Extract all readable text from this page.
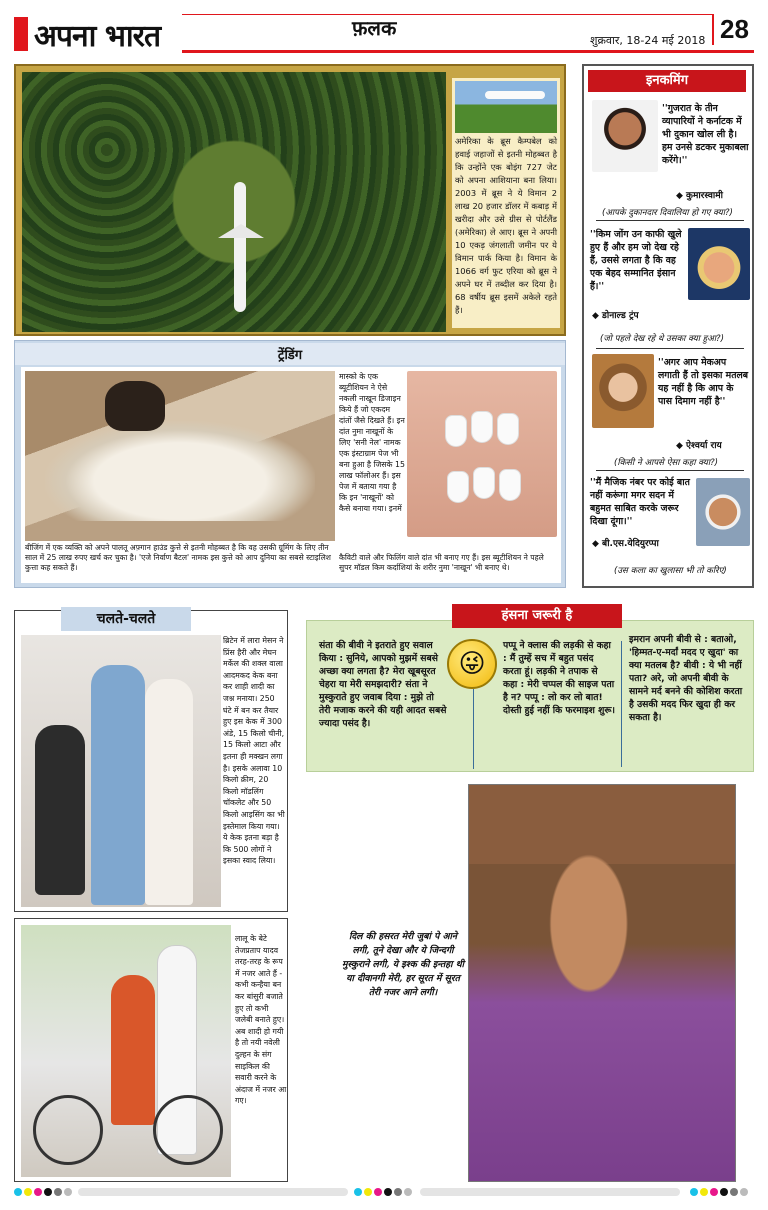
अपना भारत	फ़लक
शुक्रवार, 18-24 मई 2018 28
अमेरिका के ब्रूस कैम्पबेल को हवाई जहाजों से इतनी मोहब्बत है कि उन्होंने एक बोइंग 727 जेट को अपना आशियाना बना लिया। 2003 में ब्रूस ने ये विमान 2 लाख 20 हजार डॉलर में कबाड़ में खरीदा और उसे ग्रीस से पोर्टलैंड (अमेरिका) ले आए। ब्रूस ने अपनी 10 एकड़ जंगलाती जमीन पर ये विमान पार्क किया है। विमान के 1066 वर्ग फुट एरिया को ब्रूस ने अपने घर में तब्दील कर दिया है। 68 वर्षीय ब्रूस इसमें अकेले रहते हैं।
ट्रेंडिंग
मास्को के एक ब्यूटीशियन ने ऐसे नकली नाखून डिजाइन किये हैं जो एकदम दांतों जैसे दिखते हैं। इन दांत नुमा नाखूनों के लिए 'सनी नेल' नामक एक इंस्टाग्राम पेज भी बना हुआ है जिसके 15 लाख फॉलोअर हैं। इस पेज में बताया गया है कि इन 'नाखूनों' को कैसे बनाया गया। इनमें
बीजिंग में एक व्यक्ति को अपने पालतू अफ़्गान हाउंड कुत्ते से इतनी मोहब्बत है कि वह उसकी ग्रूमिंग के लिए तीन साल में 25 लाख रुपए खर्च कर चुका है। 'एजे निर्वाण बैटल' नामक इस कुत्ते को आप दुनिया का सबसे स्टाइलिश कुत्ता कह सकते हैं।
कैविटी वाले और फिलिंग वाले दांत भी बनाए गए हैं। इस ब्यूटीशियन ने पहले सुपर मॉडल किम कर्दाशियां के शरीर नुमा 'नाखून' भी बनाए थे।
इनकमिंग
''गुजरात के तीन व्यापारियों ने कर्नाटक में भी दुकान खोल ली है। हम उनसे डटकर मुकाबला करेंगे।''
◆ कुमारस्वामी
(आपके दुकानदार दिवालिया हो गए क्या?)
''किम जोंग उन काफी खुले हुए हैं और हम जो देख रहे हैं, उससे लगता है कि वह एक बेहद सम्मानित इंसान हैं।''
◆ डोनाल्ड ट्रंप
(जो पहले देख रहे थे उसका क्या हुआ?)
''अगर आप मेकअप लगाती हैं तो इसका मतलब यह नहीं है कि आप के पास दिमाग नहीं है''
◆ ऐश्वर्या राय
(किसी ने आपसे ऐसा कहा क्या?)
''मैं मैजिक नंबर पर कोई बात नहीं करूंगा मगर सदन में बहुमत साबित करके जरूर दिखा दूंगा।''
◆ बी.एस.येदियुरप्पा
(उस कला का खुलासा भी तो करिए)
चलते-चलते
ब्रिटेन में लारा मेसन ने प्रिंस हैरी और मेघन मर्केल की शक्ल वाला आदमकद केक बना कर शाही शादी का जश्न मनाया। 250 घंटे में बन कर तैयार हुए इस केक में 300 अंडे, 15 किलो चीनी, 15 किलो आटा और इतना ही मक्खन लगा है। इसके अलावा 10 किलो क्रीम, 20 किलो मॉडलिंग चॉकलेट और 50 किलो आइसिंग का भी इस्तेमाल किया गया। ये केक इतना बड़ा है कि 500 लोगों ने इसका स्वाद लिया।
लालू के बेटे तेजप्रताप यादव तरह-तरह के रूप में नजर आते हैं - कभी कन्हैया बन कर बांसुरी बजाते हुए तो कभी जलेबी बनाते हुए। अब शादी हो गयी है तो नयी नवेली दुल्हन के संग साइकिल की सवारी करने के अंदाज में नजर आ गए।
संता की बीवी ने इतराते हुए सवाल किया : सुनिये, आपको मुझमें सबसे अच्छा क्या लगता है? मेरा खूबसूरत चेहरा या मेरी समझदारी? संता ने मुस्कुराते हुए जवाब दिया : मुझे तो तेरी मजाक करने की यही आदत सबसे ज्यादा पसंद है।
😜
पप्पू ने क्लास की लड़की से कहा : मैं तुम्हें सच में बहुत पसंद करता हूं। लड़की ने तपाक से कहा : मेरी चप्पल की साइज पता है न? पप्पू : लो कर लो बात! दोस्ती हुई नहीं कि फरमाइश शुरू।
इमरान अपनी बीवी से : बताओ, 'हिम्मत-ए-मर्दां मदद ए खुदा' का क्या मतलब है? बीवी : ये भी नहीं पता? अरे, जो अपनी बीवी के सामने मर्द बनने की कोशिश करता है उसकी मदद फिर खुदा ही कर सकता है।
हंसना जरूरी है
दिल की हसरत मेरी जुबां पे आने लगी, तूने देखा और ये जिन्दगी मुस्कुराने लगी, ये इश्क की इन्तहा थी या दीवानगी मेरी, हर सूरत में सूरत तेरी नजर आने लगी।
